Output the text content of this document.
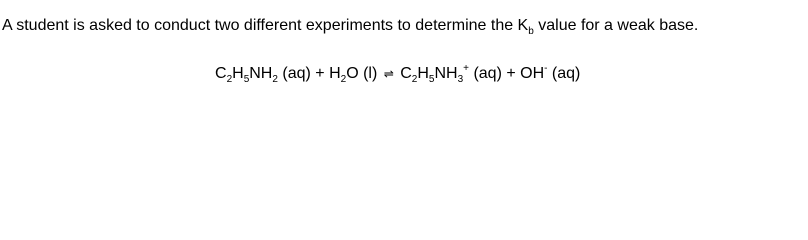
A student is asked to conduct two different experiments to determine the $K_b$ value for a weak base.
$C_2H_5NH_2$ $(aq) + H_2O$ (l) ⇌ $C_2H_5NH_3^+$ (aq) + OH- (aq)
